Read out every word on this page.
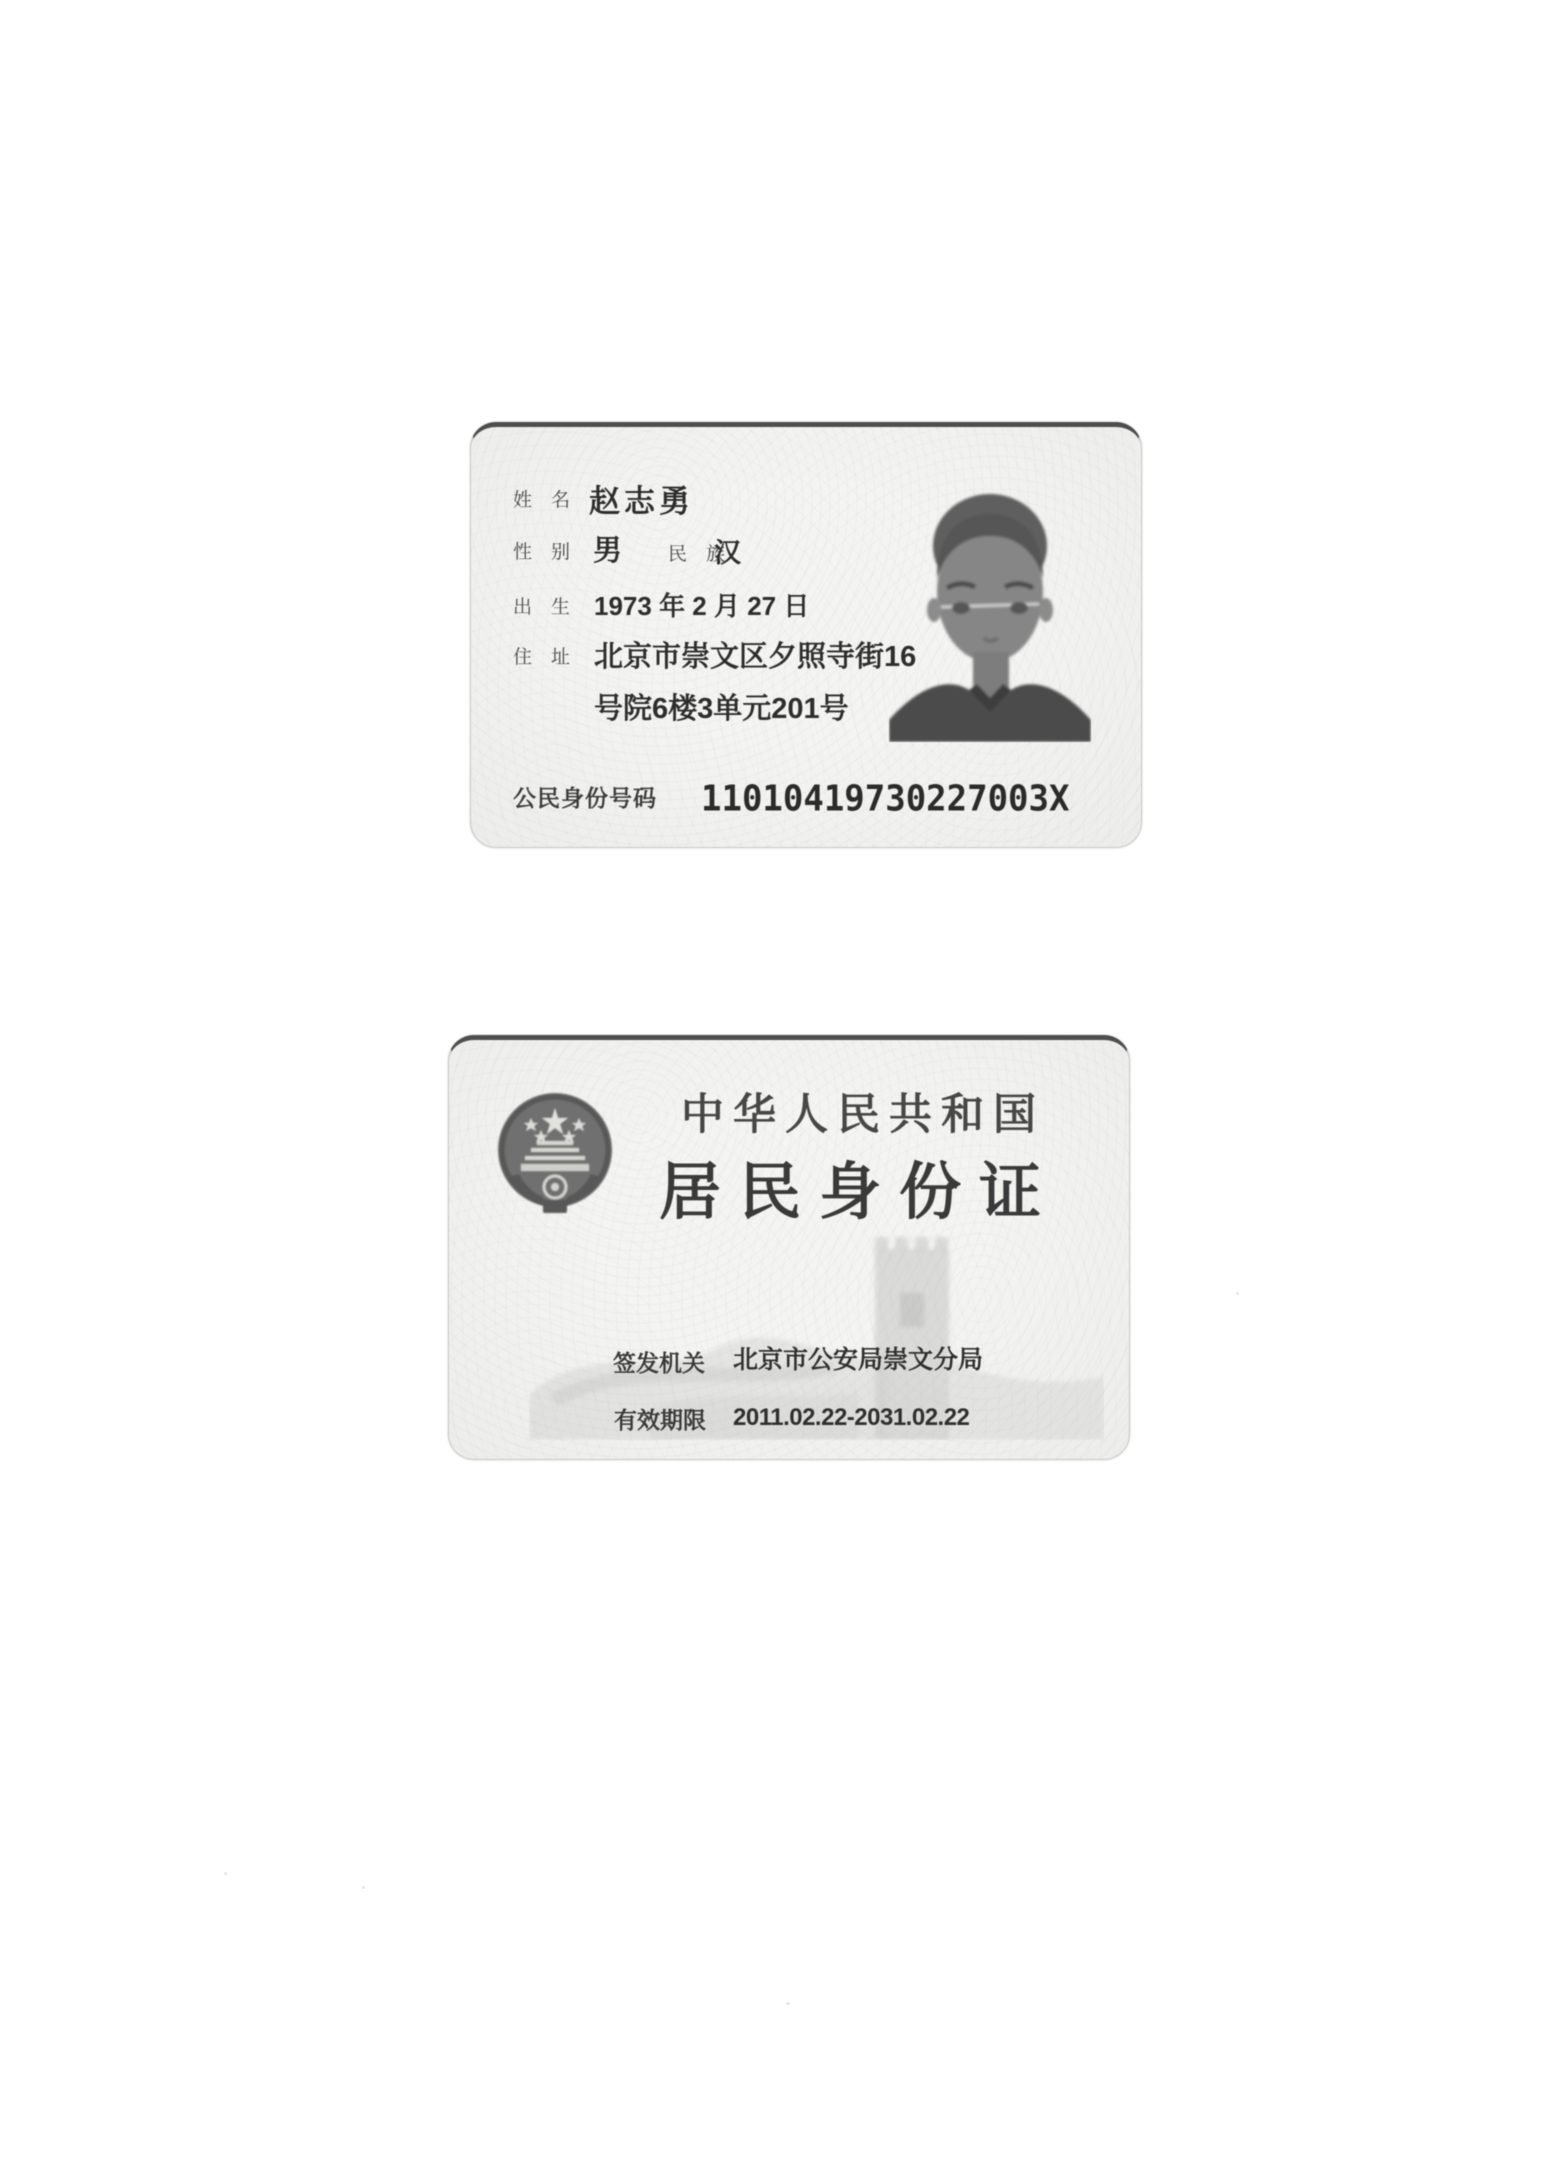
姓　名 赵志勇
性　别 男 民　族
汉
出　生 1973 年 2 月 27 日
住　址 北京市崇文区夕照寺街16
号院6楼3单元201号
公民身份号码 11010419730227003X
中华人民共和国
居民身份证
签发机关 北京市公安局崇文分局
有效期限 2011.02.22-2031.02.22
